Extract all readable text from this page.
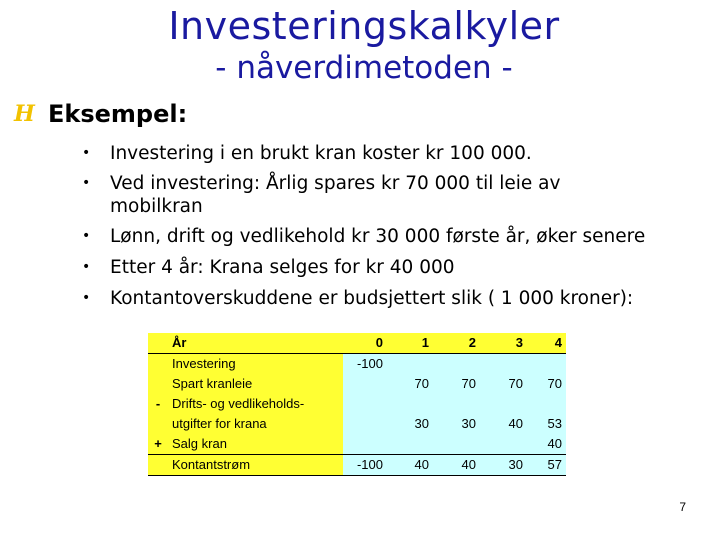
Investeringskalkyler
- nåverdimetoden -
H Eksempel:
• Investering i en brukt kran koster kr 100 000.
• Ved investering: Årlig spares kr 70 000 til leie av
mobilkran
• Lønn, drift og vedlikehold kr 30 000 første år, øker senere
• Etter 4 år: Krana selges for kr 40 000
• Kontantoverskuddene er budsjettert slik ( 1 000 kroner):
	År	0	1	2	3	4
	Investering	-100				
	Spart kranleie		70	70	70	70
-	Drifts- og vedlikeholds-					
	utgifter for krana		30	30	40	53
+	Salg kran					40
	Kontantstrøm	-100	40	40	30	57
7
